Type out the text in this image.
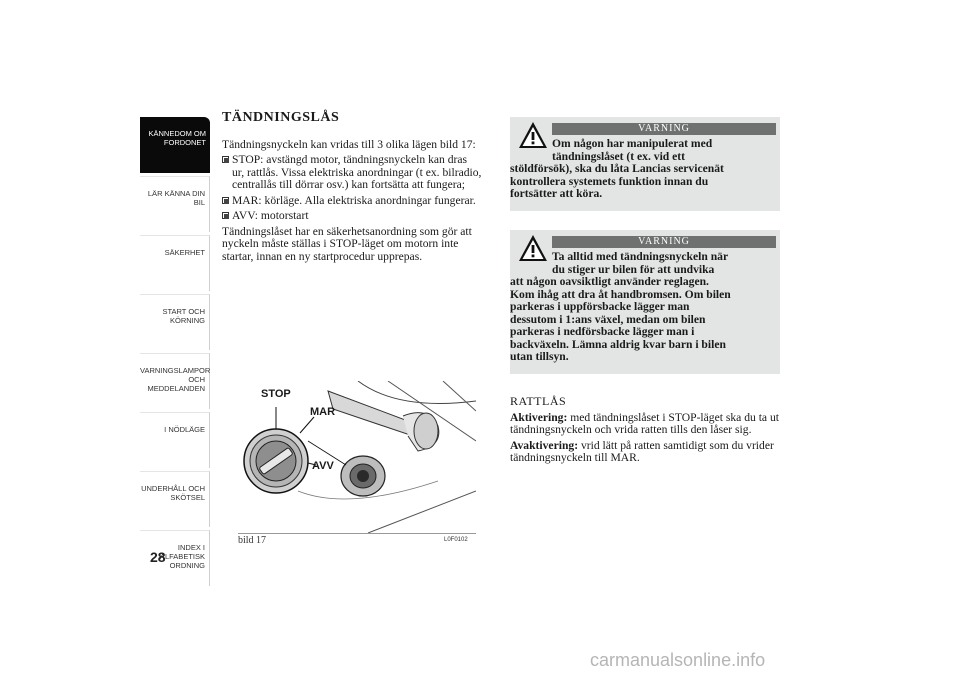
KÄNNEDOM OM
FORDONET
LÄR KÄNNA DIN
BIL
SÄKERHET
START OCH
KÖRNING
VARNINGSLAMPOR
OCH
MEDDELANDEN
I NÖDLÄGE
UNDERHÅLL OCH
SKÖTSEL
INDEX I
ALFABETISK
ORDNING
28
TÄNDNINGSLÅS

Tändningsnyckeln kan vridas till 3 olika lägen bild 17:

STOP: avstängd motor, tändningsnyckeln kan dras ur, rattlås. Vissa elektriska anordningar (t ex. bilradio, centrallås till dörrar osv.) kan fortsätta att fungera;
MAR: körläge. Alla elektriska anordningar fungerar.
AVV: motorstart

Tändningslåset har en säkerhetsanordning som gör att nyckeln måste ställas i STOP-läget om motorn inte startar, innan en ny startprocedur upprepas.

STOP
MAR
AVV
bild 17	L0F0102
VARNING
Om någon har manipulerat med
tändningslåset (t ex. vid ett
stöldförsök), ska du låta Lancias servicenät
kontrollera systemets funktion innan du
fortsätter att köra.
VARNING
Ta alltid med tändningsnyckeln när
du stiger ur bilen för att undvika
att någon oavsiktligt använder reglagen.
Kom ihåg att dra åt handbromsen. Om bilen
parkeras i uppförsbacke lägger man
dessutom i 1:ans växel, medan om bilen
parkeras i nedförsbacke lägger man i
backväxeln. Lämna aldrig kvar barn i bilen
utan tillsyn.
RATTLÅS

Aktivering: med tändningslåset i STOP-läget ska du ta ut tändningsnyckeln och vrida ratten tills den låser sig.

Avaktivering: vrid lätt på ratten samtidigt som du vrider tändningsnyckeln till MAR.

carmanualsonline.info
